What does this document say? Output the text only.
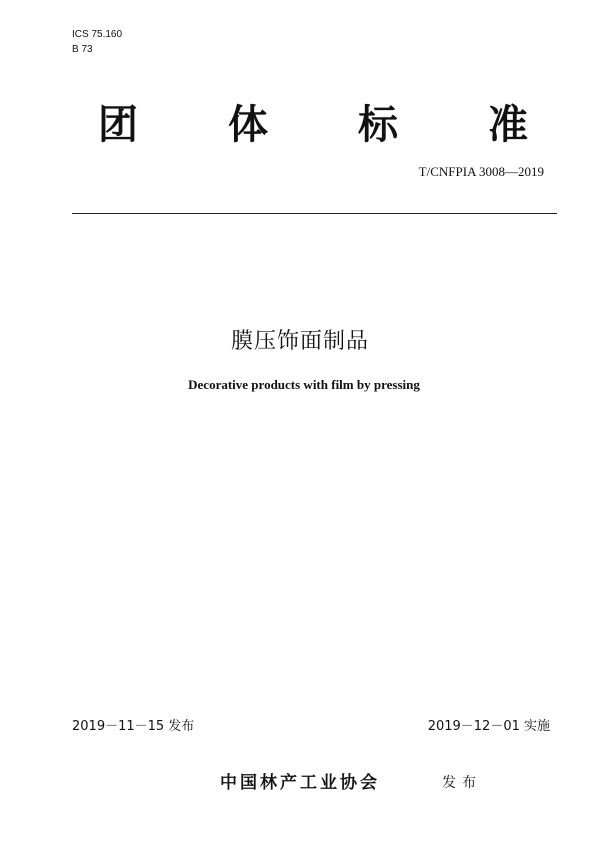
ICS 75.160
B 73
团 体 标 准
T/CNFPIA 3008—2019
膜压饰面制品
Decorative products with film by pressing
2019－11－15 发布	2019－12－01 实施
中国林产工业协会	发布
